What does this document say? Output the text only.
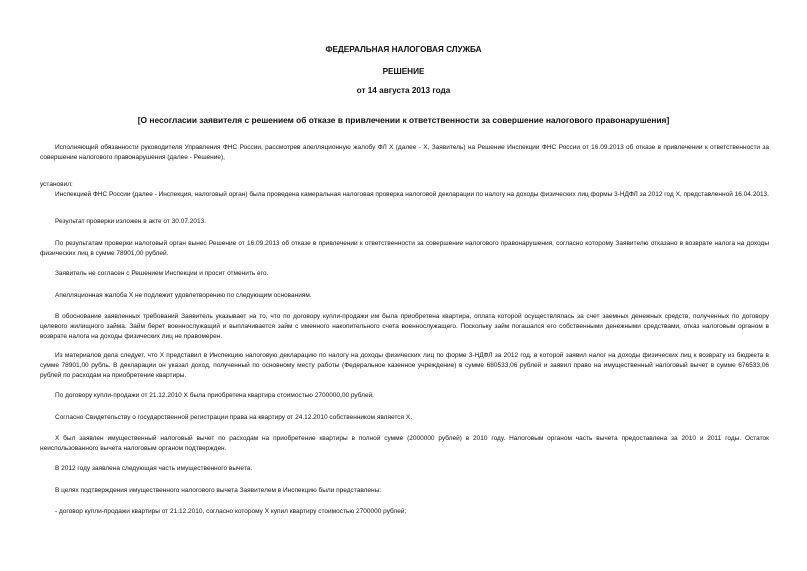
ФЕДЕРАЛЬНАЯ НАЛОГОВАЯ СЛУЖБА
РЕШЕНИЕ
от 14 августа 2013 года
[О несогласии заявителя с решением об отказе в привлечении к ответственности за совершение налогового правонарушения]
Исполняющий обязанности руководителя Управления ФНС России, рассмотрев апелляционную жалобу ФЛ Х (далее - Х, Заявитель) на Решение Инспекции ФНС России от 16.09.2013 об отказе в привлечении к ответственности за совершение налогового правонарушения (далее - Решение),
установил:
Инспекцией ФНС России (далее - Инспекция, налоговый орган) была проведена камеральная налоговая проверка налоговой декларации по налогу на доходы физических лиц формы 3-НДФЛ за 2012 год Х, представленной 16.04.2013.
Результат проверки изложен в акте от 30.07.2013.
По результатам проверки налоговый орган вынес Решение от 16.09.2013 об отказе в привлечении к ответственности за совершение налогового правонарушения, согласно которому Заявителю отказано в возврате налога на доходы физических лиц в сумме 78901,00 рублей.
Заявитель не согласен с Решением Инспекции и просит отменить его.
Апелляционная жалоба Х не подлежит удовлетворению по следующим основаниям.
В обоснование заявленных требований Заявитель указывает на то, что по договору купли-продажи им была приобретена квартира, оплата которой осуществлялась за счет заемных денежных средств, полученных по договору целевого жилищного займа. Займ берет военнослужащий и выплачивается займ с именного накопительного счета военнослужащего. Поскольку займ погашался его собственными денежными средствами, отказ налоговым органом в возврате налога на доходы физических лиц не правомерен.
Из материалов дела следует, что Х представил в Инспекцию налоговую декларацию по налогу на доходы физических лиц по форме 3-НДФЛ за 2012 год, в которой заявил налог на доходы физических лиц к возврату из бюджета в сумме 78901,00 рубль. В декларации он указал доход, полученный по основному месту работы (Федеральное казенное учреждение) в сумме 680533,06 рублей и заявил право на имущественный налоговый вычет в сумме 676533,06 рублей по расходам на приобретение квартиры.
По договору купли-продажи от 21.12.2010 Х была приобретена квартира стоимостью 2700000,00 рублей.
Согласно Свидетельству о государственной регистрации права на квартиру от 24.12.2010 собственником является Х.
Х был заявлен имущественный налоговый вычет по расходам на приобретение квартиры в полной сумме (2000000 рублей) в 2010 году. Налоговым органом часть вычета предоставлена за 2010 и 2011 годы. Остаток неиспользованного вычета налоговым органом подтвержден.
В 2012 году заявлена следующая часть имущественного вычета.
В целях подтверждения имущественного налогового вычета Заявителем в Инспекцию были представлены:
- договор купли-продажи квартиры от 21.12.2010, согласно которому Х купил квартиру стоимостью 2700000 рублей;
